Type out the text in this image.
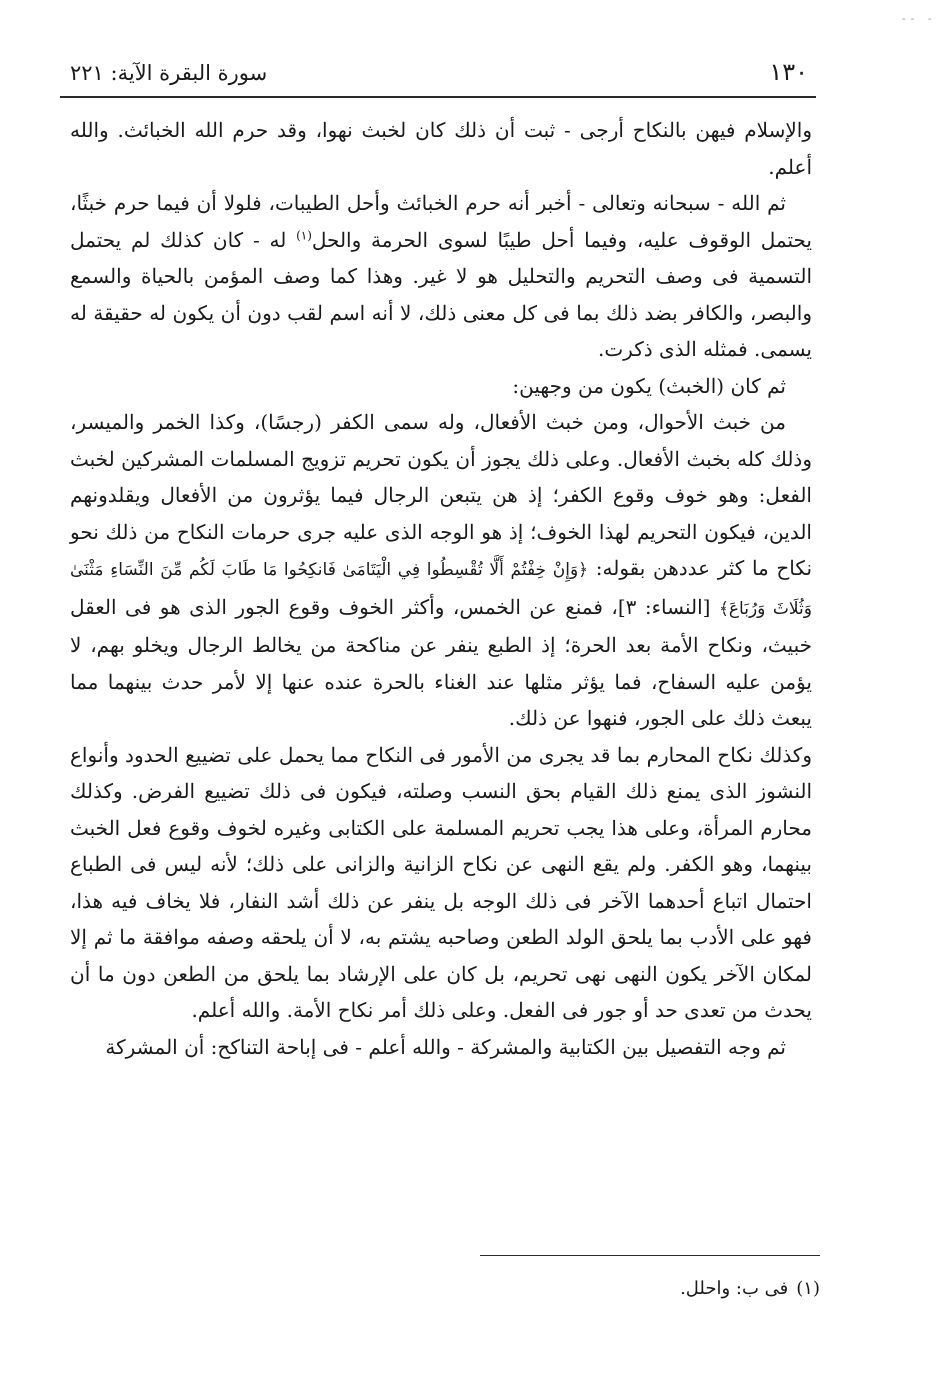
-- -
١٣٠
سورة البقرة الآية: ٢٢١

والإسلام فيهن بالنكاح أرجى - ثبت أن ذلك كان لخبث نهوا، وقد حرم الله الخبائث. والله أعلم.

ثم الله - سبحانه وتعالى - أخبر أنه حرم الخبائث وأحل الطيبات، فلولا أن فيما حرم خبثًا، يحتمل الوقوف عليه، وفيما أحل طيبًا لسوى الحرمة والحل$^{(١)}$ له - كان كذلك لم يحتمل التسمية فى وصف التحريم والتحليل هو لا غير. وهذا كما وصف المؤمن بالحياة والسمع والبصر، والكافر بضد ذلك بما فى كل معنى ذلك، لا أنه اسم لقب دون أن يكون له حقيقة له يسمى. فمثله الذى ذكرت.

ثم كان (الخبث) يكون من وجهين:

من خبث الأحوال، ومن خبث الأفعال، وله سمى الكفر (رجسًا)، وكذا الخمر والميسر، وذلك كله بخبث الأفعال. وعلى ذلك يجوز أن يكون تحريم تزويج المسلمات المشركين لخبث الفعل: وهو خوف وقوع الكفر؛ إذ هن يتبعن الرجال فيما يؤثرون من الأفعال ويقلدونهم الدين، فيكون التحريم لهذا الخوف؛ إذ هو الوجه الذى عليه جرى حرمات النكاح من ذلك نحو نكاح ما كثر عددهن بقوله: ﴿وَإِنْ خِفْتُمْ أَلَّا تُقْسِطُوا فِي الْيَتَامَىٰ فَانكِحُوا مَا طَابَ لَكُم مِّنَ النِّسَاءِ مَثْنَىٰ وَثُلَاثَ وَرُبَاعَ﴾ [النساء: ٣]، فمنع عن الخمس، وأكثر الخوف وقوع الجور الذى هو فى العقل خبيث، ونكاح الأمة بعد الحرة؛ إذ الطبع ينفر عن مناكحة من يخالط الرجال ويخلو بهم، لا يؤمن عليه السفاح، فما يؤثر مثلها عند الغناء بالحرة عنده عنها إلا لأمر حدث بينهما مما يبعث ذلك على الجور، فنهوا عن ذلك.

وكذلك نكاح المحارم بما قد يجرى من الأمور فى النكاح مما يحمل على تضييع الحدود وأنواع النشوز الذى يمنع ذلك القيام بحق النسب وصلته، فيكون فى ذلك تضييع الفرض. وكذلك محارم المرأة، وعلى هذا يجب تحريم المسلمة على الكتابى وغيره لخوف وقوع فعل الخبث بينهما، وهو الكفر. ولم يقع النهى عن نكاح الزانية والزانى على ذلك؛ لأنه ليس فى الطباع احتمال اتباع أحدهما الآخر فى ذلك الوجه بل ينفر عن ذلك أشد النفار، فلا يخاف فيه هذا، فهو على الأدب بما يلحق الولد الطعن وصاحبه يشتم به، لا أن يلحقه وصفه موافقة ما ثم إلا لمكان الآخر يكون النهى نهى تحريم، بل كان على الإرشاد بما يلحق من الطعن دون ما أن يحدث من تعدى حد أو جور فى الفعل. وعلى ذلك أمر نكاح الأمة. والله أعلم.

ثم وجه التفصيل بين الكتابية والمشركة - والله أعلم - فى إباحة التناكح: أن المشركة

(١)فى ب: واحلل.
